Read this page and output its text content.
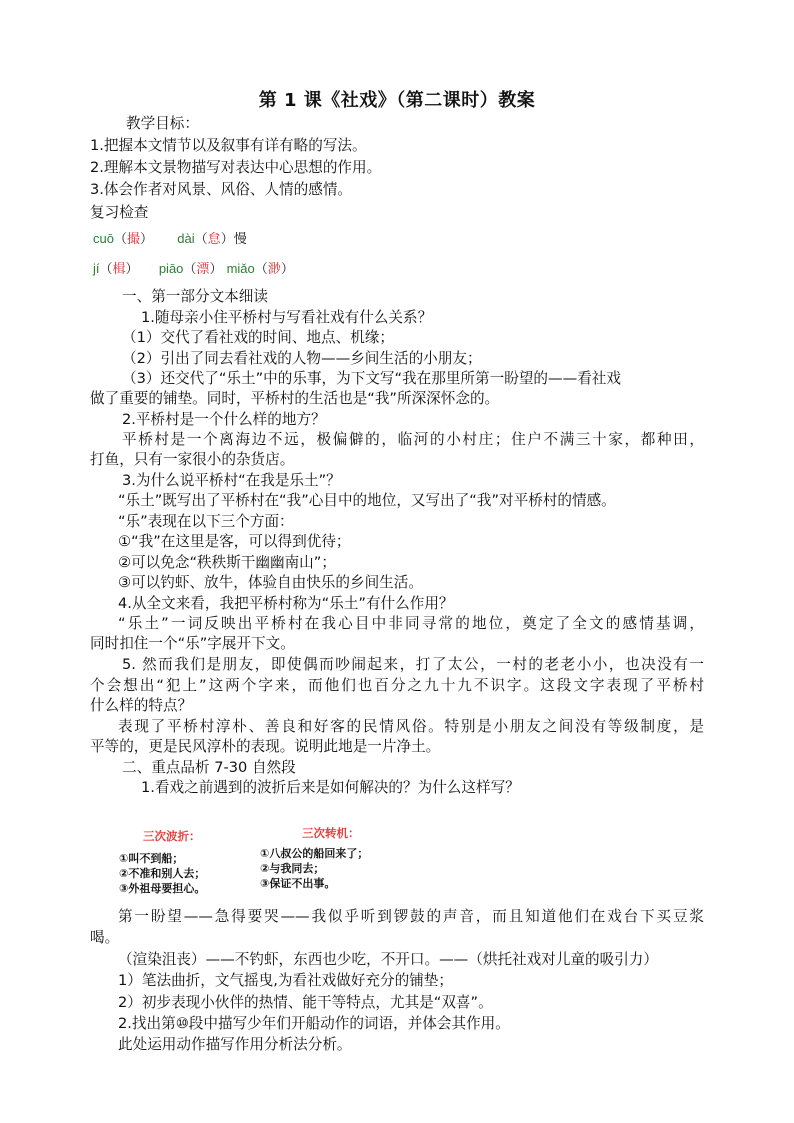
第 1 课《社戏》（第二课时）教案
教学目标：
1.把握本文情节以及叙事有详有略的写法。
2.理解本文景物描写对表达中心思想的作用。
3.体会作者对风景、风俗、人情的感情。
复习检查
cuō（撮） dài（怠）慢
jí（楫） piāo（漂） miǎo（渺）
一、第一部分文本细读
1.随母亲小住平桥村与写看社戏有什么关系？
（1）交代了看社戏的时间、地点、机缘；
（2）引出了同去看社戏的人物——乡间生活的小朋友；
（3）还交代了“乐土”中的乐事，为下文写“我在那里所第一盼望的——看社戏
做了重要的铺垫。同时，平桥村的生活也是“我”所深深怀念的。
2.平桥村是一个什么样的地方？
平桥村是一个离海边不远，极偏僻的，临河的小村庄；住户不满三十家，都种田，
打鱼，只有一家很小的杂货店。
3.为什么说平桥村“在我是乐土”？
“乐土”既写出了平桥村在“我”心目中的地位，又写出了“我”对平桥村的情感。
“乐”表现在以下三个方面：
①“我”在这里是客，可以得到优待；
②可以免念“秩秩斯干幽幽南山”；
③可以钓虾、放牛，体验自由快乐的乡间生活。
4.从全文来看，我把平桥村称为“乐土”有什么作用？
“乐土”一词反映出平桥村在我心目中非同寻常的地位，奠定了全文的感情基调，
同时扣住一个“乐”字展开下文。
5. 然而我们是朋友，即使偶而吵闹起来，打了太公，一村的老老小小，也决没有一
个会想出“犯上”这两个字来，而他们也百分之九十九不识字。这段文字表现了平桥村
什么样的特点？
表现了平桥村淳朴、善良和好客的民情风俗。特别是小朋友之间没有等级制度，是
平等的，更是民风淳朴的表现。说明此地是一片净土。
二、重点品析 7-30 自然段
1.看戏之前遇到的波折后来是如何解决的？为什么这样写？
三次波折：
①叫不到船；
②不准和别人去；
③外祖母要担心。
三次转机：
①八叔公的船回来了；
②与我同去；
③保证不出事。
第一盼望——急得要哭——我似乎听到锣鼓的声音，而且知道他们在戏台下买豆浆
喝。
（渲染沮丧）——不钓虾，东西也少吃，不开口。——（烘托社戏对儿童的吸引力）
1）笔法曲折，文气摇曳,为看社戏做好充分的铺垫；
2）初步表现小伙伴的热情、能干等特点，尤其是“双喜”。
2.找出第⑩段中描写少年们开船动作的词语，并体会其作用。
此处运用动作描写作用分析法分析。
